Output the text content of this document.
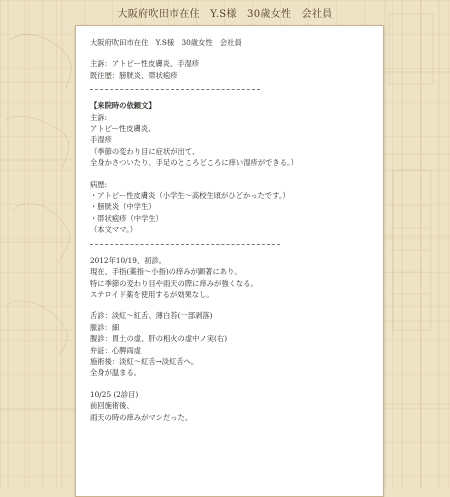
大阪府吹田市在住　Y.S様　30歳女性　会社員
大阪府吹田市在住　Y.S様　30歳女性　会社員
主訴：アトピー性皮膚炎、手湿疹
既往歴：膀胱炎、帯状疱疹
【来院時の依頼文】
主訴:
アトピー性皮膚炎、
手湿疹
（季節の変わり目に症状が出て、
全身かさついたり、手足のところどころに痒い湿疹ができる。）
病歴:
・アトピー性皮膚炎（小学生〜高校生頃がひどかったです。）
・膀胱炎（中学生）
・帯状疱疹（中学生）
（本文ママ。）
2012年10/19、初診。
現在、手指(薬指〜小指)の痒みが顕著にあり。
特に季節の変わり目や雨天の際に痒みが強くなる。
ステロイド薬を使用するが効果なし。
舌診：淡紅〜紅舌、薄白苔(一部剥落)
脈診：細
腹診：胃土の虚、肝の相火の虚中ノ実(右)
弁証：心脾両虚
施術後：淡紅〜紅舌→淡紅舌へ。
全身が温まる。
10/25 (2診目)
前回施術後、
雨天の時の痒みがマシだった。
